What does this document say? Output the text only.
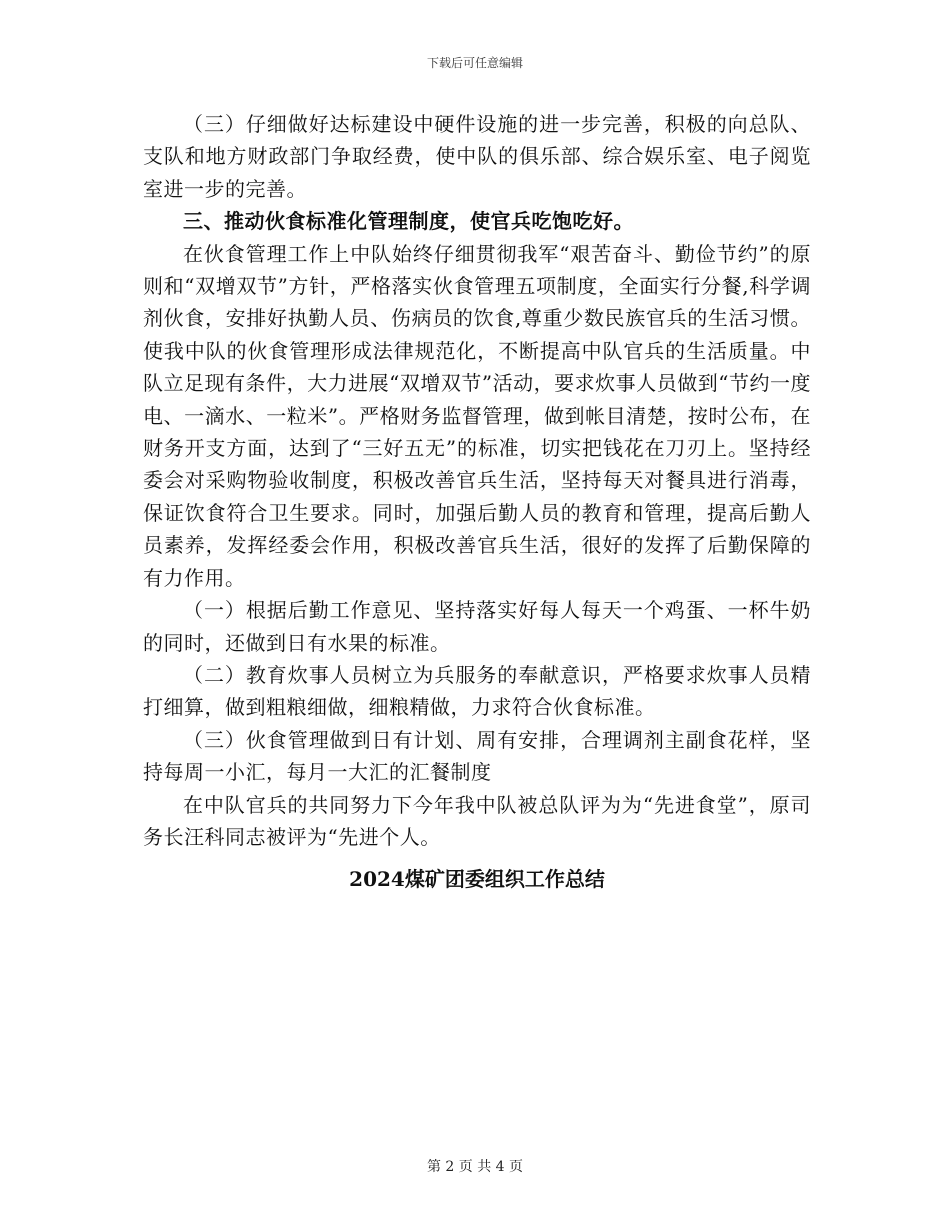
下载后可任意编辑

（三）仔细做好达标建设中硬件设施的进一步完善，积极的向总队、支队和地方财政部门争取经费，使中队的俱乐部、综合娱乐室、电子阅览室进一步的完善。

三、推动伙食标准化管理制度，使官兵吃饱吃好。

在伙食管理工作上中队始终仔细贯彻我军“艰苦奋斗、勤俭节约”的原则和“双增双节”方针，严格落实伙食管理五项制度，全面实行分餐,科学调剂伙食，安排好执勤人员、伤病员的饮食,尊重少数民族官兵的生活习惯。使我中队的伙食管理形成法律规范化，不断提高中队官兵的生活质量。中队立足现有条件，大力进展“双增双节”活动，要求炊事人员做到“节约一度电、一滴水、一粒米”。严格财务监督管理，做到帐目清楚，按时公布，在财务开支方面，达到了“三好五无”的标准，切实把钱花在刀刃上。坚持经委会对采购物验收制度，积极改善官兵生活，坚持每天对餐具进行消毒，保证饮食符合卫生要求。同时，加强后勤人员的教育和管理，提高后勤人员素养，发挥经委会作用，积极改善官兵生活，很好的发挥了后勤保障的有力作用。

（一）根据后勤工作意见、坚持落实好每人每天一个鸡蛋、一杯牛奶的同时，还做到日有水果的标准。

（二）教育炊事人员树立为兵服务的奉献意识，严格要求炊事人员精打细算，做到粗粮细做，细粮精做，力求符合伙食标准。

（三）伙食管理做到日有计划、周有安排，合理调剂主副食花样，坚持每周一小汇，每月一大汇的汇餐制度

在中队官兵的共同努力下今年我中队被总队评为为“先进食堂”，原司务长汪科同志被评为“先进个人。

2024煤矿团委组织工作总结

第 2 页 共 4 页
